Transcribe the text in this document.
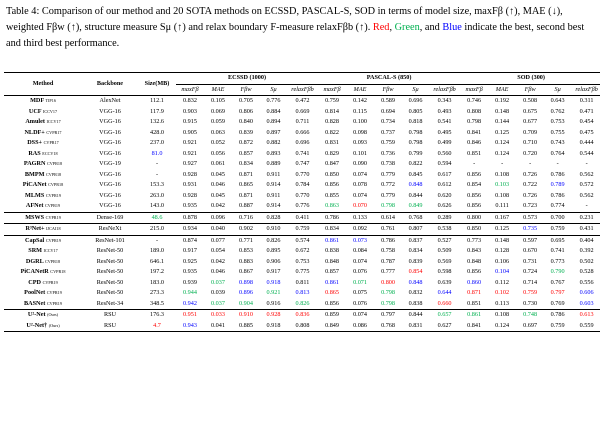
Table 4: Comparison of our method and 20 SOTA methods on ECSSD, PASCAL-S, SOD in terms of model size, maxFβ (↑), MAE (↓), weighted Fβw (↑), structure measure Sμ (↑) and relax boundary F-measure relaxFβb (↑). Red, Green, and Blue indicate the best, second best and third best performance.
Method	Backbone	Size(MB)	ECSSD (1000)					PASCAL-S (850)					SOD (300)				
			maxFβ	MAE	Fβw	Sμ	relaxFβb	maxFβ	MAE	Fβw	Sμ	relaxFβb	maxFβ	MAE	Fβw	Sμ	relaxFβb
MDF TIP16	AlexNet	112.1	0.832	0.105	0.705	0.776	0.472	0.759	0.142	0.589	0.696	0.343	0.746	0.192	0.508	0.643	0.311
UCF ICCV17	VGG-16	117.9	0.903	0.069	0.806	0.884	0.669	0.814	0.115	0.694	0.805	0.493	0.808	0.148	0.675	0.762	0.471
Amulet ICCV17	VGG-16	132.6	0.915	0.059	0.840	0.894	0.711	0.828	0.100	0.734	0.818	0.541	0.798	0.144	0.677	0.753	0.454
NLDF+ CVPR17	VGG-16	428.0	0.905	0.063	0.839	0.897	0.666	0.822	0.098	0.737	0.798	0.495	0.841	0.125	0.709	0.755	0.475
DSS+ CVPR17	VGG-16	237.0	0.921	0.052	0.872	0.882	0.696	0.831	0.093	0.759	0.798	0.499	0.846	0.124	0.710	0.743	0.444
RAS ECCV18	VGG-16	81.0	0.921	0.056	0.857	0.893	0.741	0.829	0.101	0.736	0.799	0.560	0.851	0.124	0.720	0.764	0.544
PAGRN CVPR18	VGG-19	-	0.927	0.061	0.834	0.889	0.747	0.847	0.090	0.738	0.822	0.594	-	-	-	-	-
BMPM CVPR18	VGG-16	-	0.928	0.045	0.871	0.911	0.770	0.850	0.074	0.779	0.845	0.617	0.856	0.108	0.726	0.786	0.562
PiCANet CVPR18	VGG-16	153.3	0.931	0.046	0.865	0.914	0.784	0.856	0.078	0.772	0.848	0.612	0.854	0.103	0.722	0.789	0.572
MLMS CVPR19	VGG-16	263.0	0.928	0.045	0.871	0.911	0.770	0.855	0.074	0.779	0.844	0.620	0.856	0.108	0.726	0.786	0.562
AFNet CVPR19	VGG-16	143.0	0.935	0.042	0.887	0.914	0.776	0.863	0.070	0.798	0.849	0.626	0.856	0.111	0.723	0.774	-
MSWS CVPR19	Dense-169	48.6	0.878	0.096	0.716	0.828	0.411	0.786	0.133	0.614	0.768	0.289	0.800	0.167	0.573	0.700	0.231
R³Net+ IJCAI18	ResNeXt	215.0	0.934	0.040	0.902	0.910	0.759	0.834	0.092	0.761	0.807	0.538	0.850	0.125	0.735	0.759	0.431
CapSal CVPR19	ResNet-101	-	0.874	0.077	0.771	0.826	0.574	0.861	0.073	0.786	0.837	0.527	0.773	0.148	0.597	0.695	0.404
SRM ICCV17	ResNet-50	189.0	0.917	0.054	0.853	0.895	0.672	0.838	0.084	0.758	0.834	0.509	0.843	0.128	0.670	0.741	0.392
DGRL CVPR18	ResNet-50	646.1	0.925	0.042	0.883	0.906	0.753	0.848	0.074	0.787	0.839	0.569	0.848	0.106	0.731	0.773	0.502
PiCANetR CVPR18	ResNet-50	197.2	0.935	0.046	0.867	0.917	0.775	0.857	0.076	0.777	0.854	0.598	0.856	0.104	0.724	0.790	0.528
CPD CVPR19	ResNet-50	183.0	0.939	0.037	0.898	0.918	0.811	0.861	0.071	0.800	0.848	0.639	0.860	0.112	0.714	0.767	0.556
PoolNet CVPR19	ResNet-50	273.3	0.944	0.039	0.896	0.921	0.813	0.865	0.075	0.798	0.832	0.644	0.871	0.102	0.759	0.797	0.606
BASNet CVPR19	ResNet-34	348.5	0.942	0.037	0.904	0.916	0.826	0.856	0.076	0.798	0.838	0.660	0.851	0.113	0.730	0.769	0.603
U²-Net (Ours)	RSU	176.3	0.951	0.033	0.910	0.928	0.836	0.859	0.074	0.797	0.844	0.657	0.861	0.108	0.748	0.786	0.613
U²-Net† (Ours)	RSU	4.7	0.943	0.041	0.885	0.918	0.808	0.849	0.086	0.768	0.831	0.627	0.841	0.124	0.697	0.759	0.559
